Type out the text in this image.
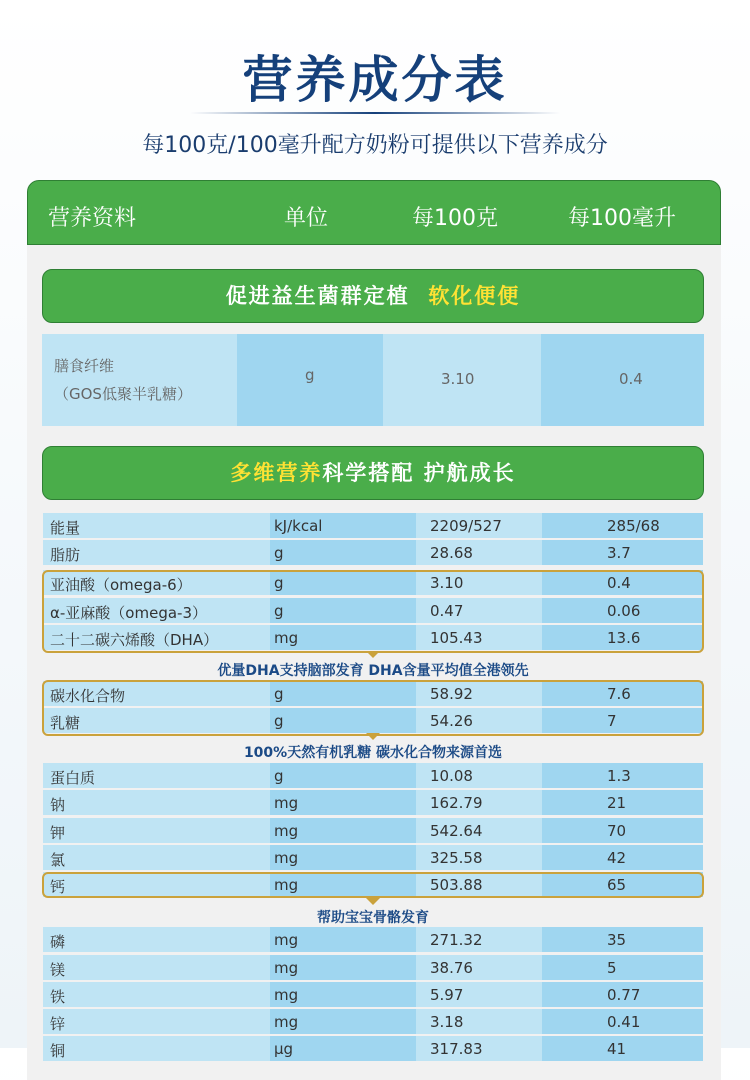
营养成分表
每100克/100毫升配方奶粉可提供以下营养成分
营养资料	单位	每100克	每100毫升
促进益生菌群定植 软化便便
膳食纤维
（GOS低聚半乳糖）
g	3.10	0.4
多维营养科学搭配 护航成长
能量	kJ/kcal	2209/527	285/68
脂肪	g	28.68	3.7
亚油酸（omega-6）	g	3.10	0.4
α-亚麻酸（omega-3）	g	0.47	0.06
二十二碳六烯酸（DHA）	mg	105.43	13.6
碳水化合物	g	58.92	7.6
乳糖	g	54.26	7
蛋白质	g	10.08	1.3
钠	mg	162.79	21
钾	mg	542.64	70
氯	mg	325.58	42
钙	mg	503.88	65
磷	mg	271.32	35
镁	mg	38.76	5
铁	mg	5.97	0.77
锌	mg	3.18	0.41
铜	μg	317.83	41
优量DHA支持脑部发育 DHA含量平均值全港领先
100%天然有机乳糖 碳水化合物来源首选
帮助宝宝骨骼发育
